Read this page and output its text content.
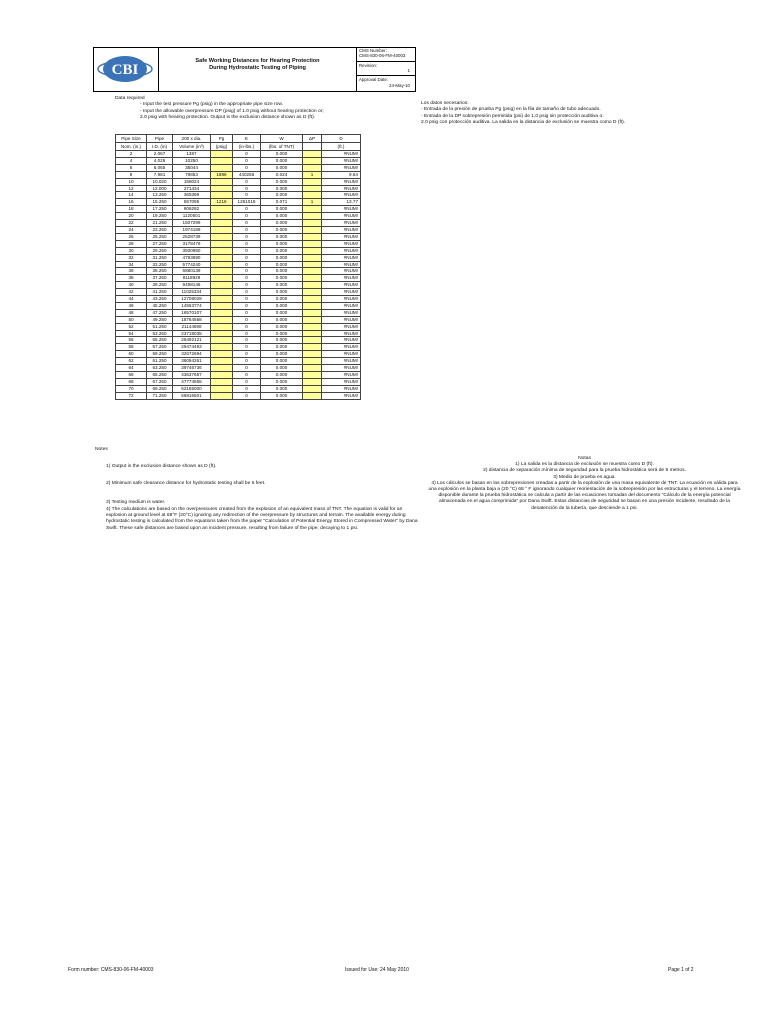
CBI
Safe Working Distances for Hearing Protection
During Hydrostatic Testing of Piping
CMS Number:
CMS-830-06-FM-40003
Revision:
1
Approval Date:
24-May-10
Data required
- Input the test pressure Pg (psig) in the appropriate pipe size row.
- Input the allowable overpressure DP (psig) of 1.0 psig without hearing protection or;
2.0 psig with hearing protection. Output is the exclusion distance shown as D (ft).
Los datos necesarios:
- Entrada de la presión de prueba Pg (psig) en la fila de tamaño de tubo adecuado.
- Entrada de la DP sobrepresión permitida (psi) de 1,0 psig sin protección auditiva o;
2.0 psig con protección auditiva. La salida es la distancia de exclusión se muestra como D (ft).
Pipe Size	Pipe	200 x dia.	Pg	E	W	ΔP	D
Nom. (in.)	I.D. (in)	Volume (in³)	(psig)	(in-lbs.)	(lbs. of TNT)		(ft.)
2	2.067	1387		0	0.000		#NUM!
4	4.026	10250		0	0.000		#NUM!
6	6.065	35044		0	0.000		#NUM!
8	7.981	79853	1886	440258	0.024	1	9.64
10	10.020	158024		0	0.000		#NUM!
12	12.000	271434		0	0.000		#NUM!
14	13.250	365399		0	0.000		#NUM!
16	15.250	557095	1216	1261019	0.071	1	13.77
18	17.250	806282		0	0.000		#NUM!
20	19.250	1120501		0	0.000		#NUM!
22	21.250	1507299		0	0.000		#NUM!
24	23.250	1974189		0	0.000		#NUM!
26	25.250	2528739		0	0.000		#NUM!
28	27.250	3178479		0	0.000		#NUM!
30	29.250	3930950		0	0.000		#NUM!
32	31.250	4793690		0	0.000		#NUM!
34	33.250	5774240		0	0.000		#NUM!
36	35.250	6880139		0	0.000		#NUM!
38	37.250	8118928		0	0.000		#NUM!
40	39.250	9498146		0	0.000		#NUM!
42	41.250	11025334		0	0.000		#NUM!
44	43.250	12708029		0	0.000		#NUM!
46	45.250	14553774		0	0.000		#NUM!
48	47.250	16570107		0	0.000		#NUM!
50	49.250	18764568		0	0.000		#NUM!
52	51.250	21144698		0	0.000		#NUM!
54	53.250	23718035		0	0.000		#NUM!
56	55.250	26492121		0	0.000		#NUM!
58	57.250	29474493		0	0.000		#NUM!
60	59.250	32672694		0	0.000		#NUM!
62	61.250	36094261		0	0.000		#NUM!
64	63.250	39746736		0	0.000		#NUM!
66	65.250	43637657		0	0.000		#NUM!
68	67.250	47774565		0	0.000		#NUM!
70	69.250	52165000		0	0.000		#NUM!
72	71.250	56816501		0	0.000		#NUM!
Notes
1) Output is the exclusion distance shown as D (ft).
2) Minimum safe clearance distance for hydrostatic testing shall be 5 feet.
3) Testing medium is water.
4) The calculations are based on the overpressures created from the explosion of an equivalent mass of TNT. The equation is valid for an explosion at ground level at 68°F (20°C) ignoring any redirection of the overpressure by structures and terrain. The available energy during hydrostatic testing is calculated from the equations taken from the paper "Calculation of Potential Energy Stored in Compressed Water" by Dana Swift. These safe distances are based upon an incident pressure, resulting from failure of the pipe, decaying to 1 psi.
Notas
1) La salida es la distancia de exclusión se muestra como D (ft).
2) distancia de separación mínima de seguridad para la prueba hidrostática será de 5 metros.
3) Medio de prueba es agua.
4) Los cálculos se basan en las sobrepresiones creadas a partir de la explosión de una masa equivalente de TNT. La ecuación es válida para una explosión en la planta baja a (20 °C) 68 ° F ignorando cualquier reorientación de la sobrepresión por las estructuras y el terreno. La energía disponible durante la prueba hidrostática se calcula a partir de las ecuaciones tomadas del documento "Cálculo de la energía potencial almacenada en el agua comprimida" por Dana Swift. Estas distancias de seguridad se basan en una presión incidente, resultado de la desatención de la tubería, que desciende a 1 psi.
Form number: CMS-830-06-FM-40003	Issued for Use: 24 May 2010	Page 1 of 2
